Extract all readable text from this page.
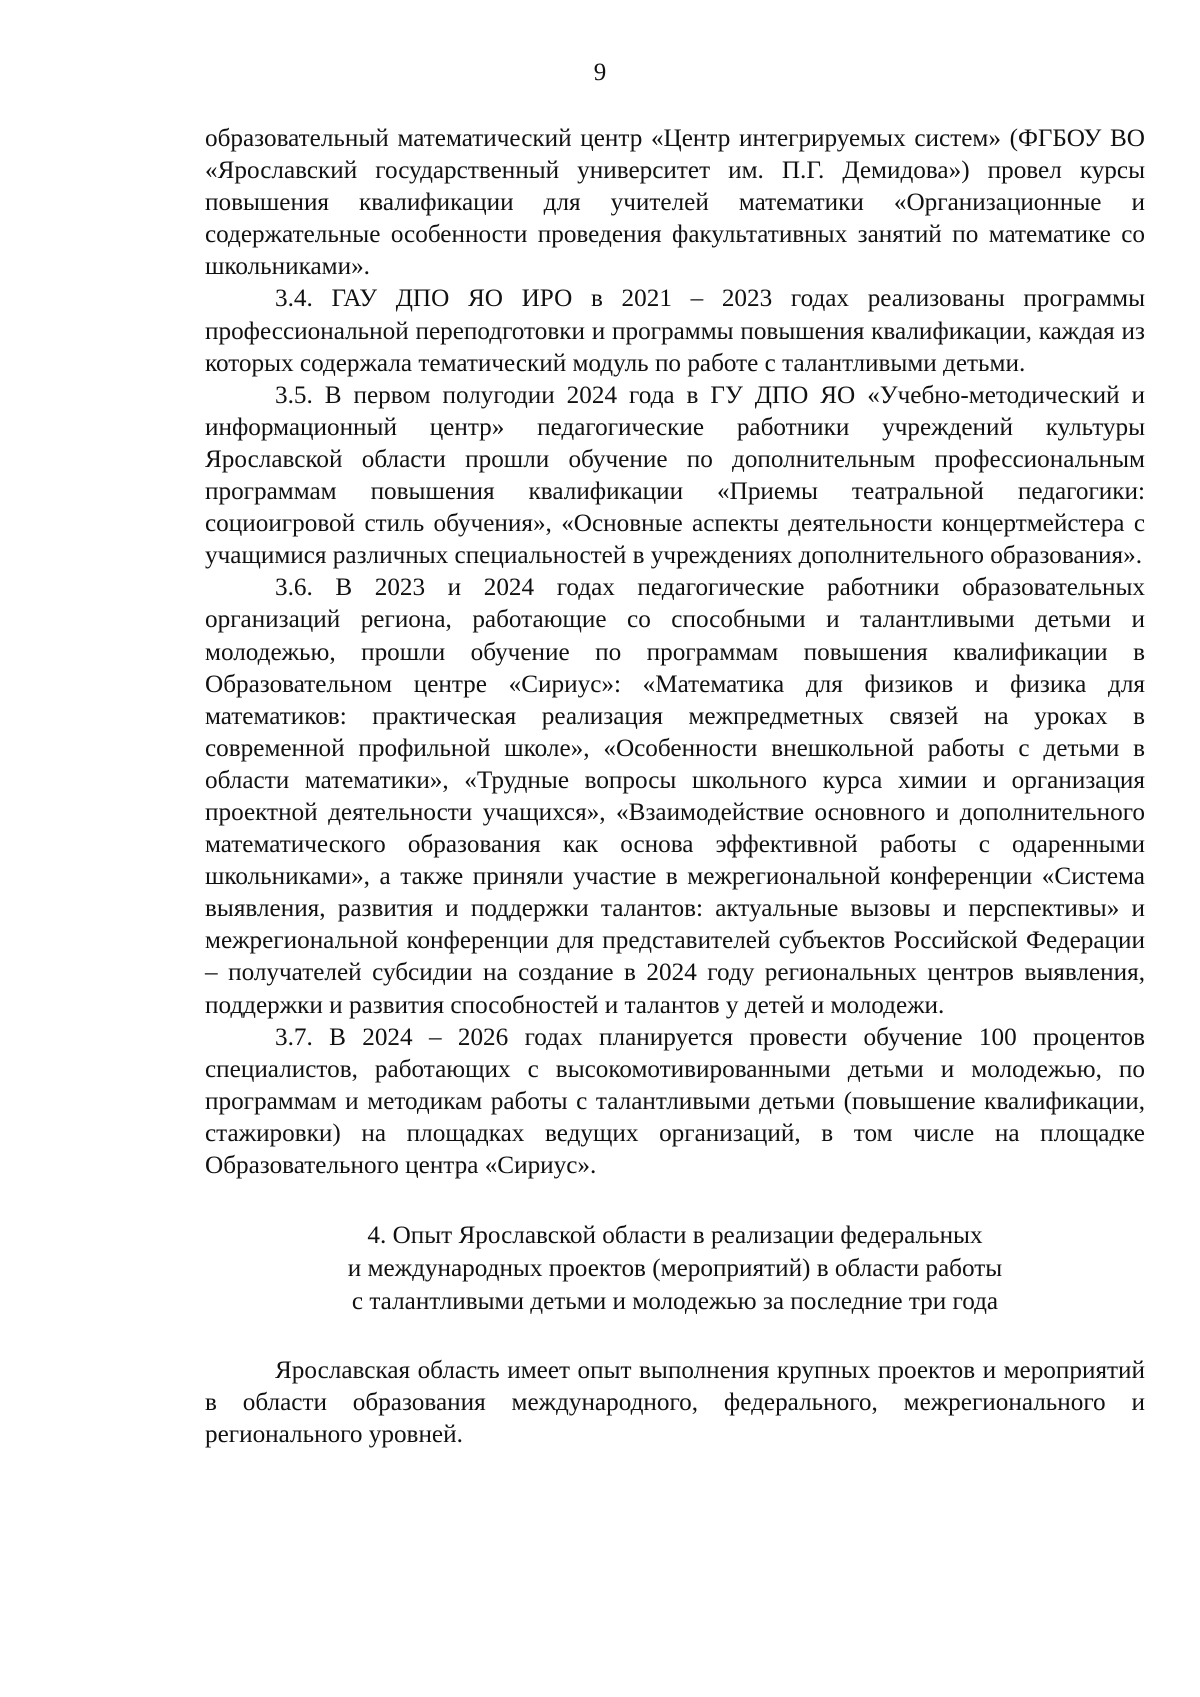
9

образовательный математический центр «Центр интегрируемых систем» (ФГБОУ ВО «Ярославский государственный университет им. П.Г. Демидова») провел курсы повышения квалификации для учителей математики «Организационные и содержательные особенности проведения факультативных занятий по математике со школьниками».

3.4. ГАУ ДПО ЯО ИРО в 2021 – 2023 годах реализованы программы профессиональной переподготовки и программы повышения квалификации, каждая из которых содержала тематический модуль по работе с талантливыми детьми.

3.5. В первом полугодии 2024 года в ГУ ДПО ЯО «Учебно-методический и информационный центр» педагогические работники учреждений культуры Ярославской области прошли обучение по дополнительным профессиональным программам повышения квалификации «Приемы театральной педагогики: социоигровой стиль обучения», «Основные аспекты деятельности концертмейстера с учащимися различных специальностей в учреждениях дополнительного образования».

3.6. В 2023 и 2024 годах педагогические работники образовательных организаций региона, работающие со способными и талантливыми детьми и молодежью, прошли обучение по программам повышения квалификации в Образовательном центре «Сириус»: «Математика для физиков и физика для математиков: практическая реализация межпредметных связей на уроках в современной профильной школе», «Особенности внешкольной работы с детьми в области математики», «Трудные вопросы школьного курса химии и организация проектной деятельности учащихся», «Взаимодействие основного и дополнительного математического образования как основа эффективной работы с одаренными школьниками», а также приняли участие в межрегиональной конференции «Система выявления, развития и поддержки талантов: актуальные вызовы и перспективы» и межрегиональной конференции для представителей субъектов Российской Федерации – получателей субсидии на создание в 2024 году региональных центров выявления, поддержки и развития способностей и талантов у детей и молодежи.

3.7. В 2024 – 2026 годах планируется провести обучение 100 процентов специалистов, работающих с высокомотивированными детьми и молодежью, по программам и методикам работы с талантливыми детьми (повышение квалификации, стажировки) на площадках ведущих организаций, в том числе на площадке Образовательного центра «Сириус».

4. Опыт Ярославской области в реализации федеральных
и международных проектов (мероприятий) в области работы
с талантливыми детьми и молодежью за последние три года

Ярославская область имеет опыт выполнения крупных проектов и мероприятий в области образования международного, федерального, межрегионального и регионального уровней.
